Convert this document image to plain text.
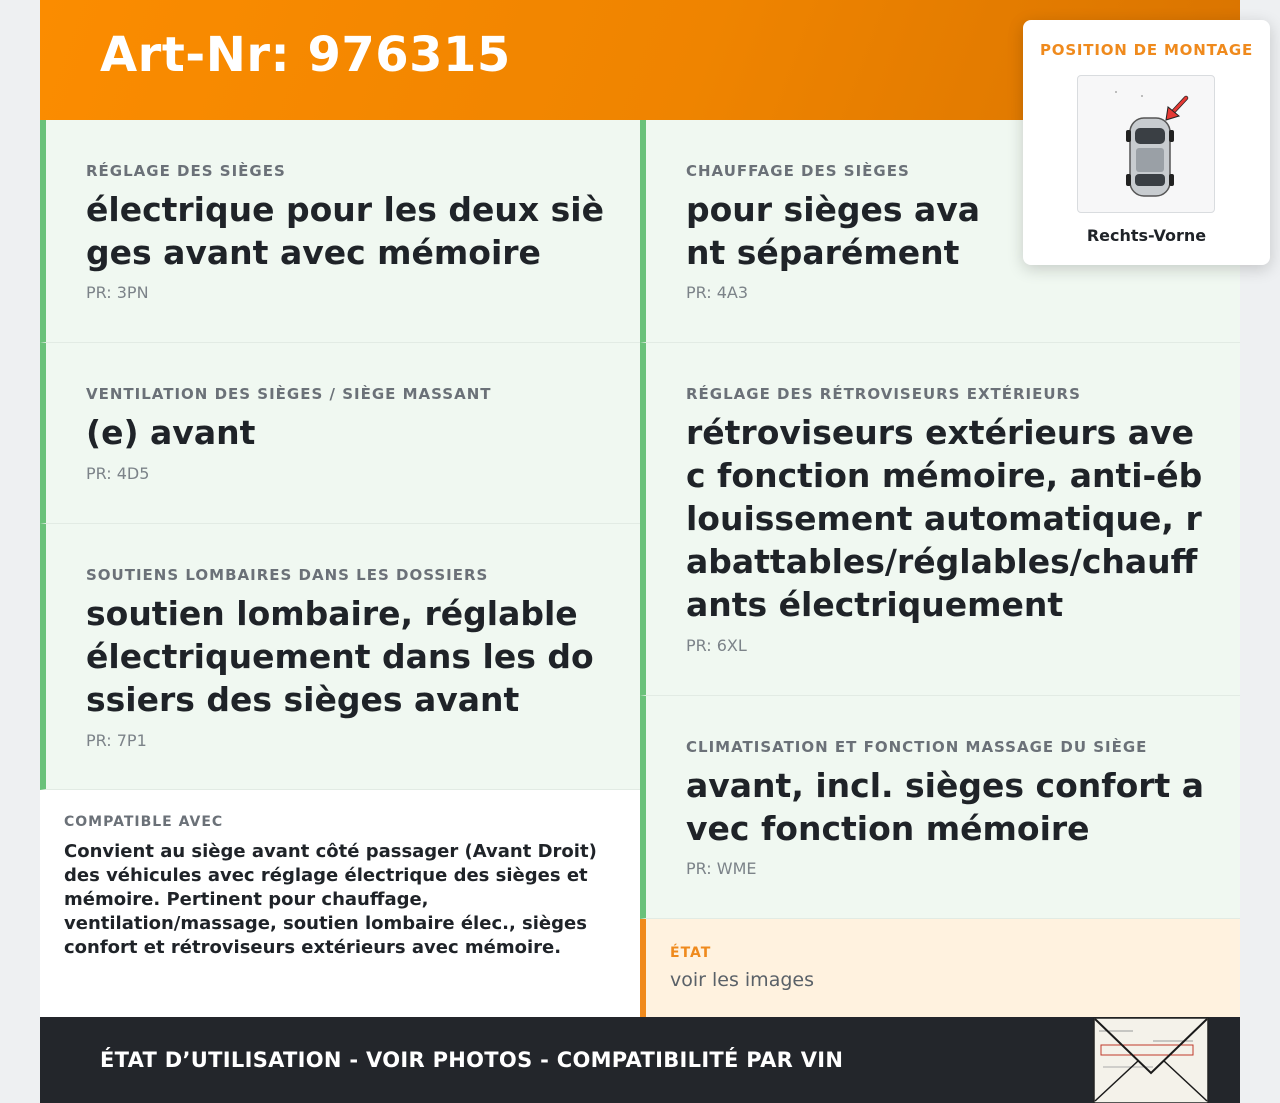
Art-Nr: 976315
RÉGLAGE DES SIÈGES
électrique pour les deux sièges avant avec mémoire
PR: 3PN
VENTILATION DES SIÈGES / SIÈGE MASSANT
(e) avant
PR: 4D5
SOUTIENS LOMBAIRES DANS LES DOSSIERS
soutien lombaire, réglable électriquement dans les dossiers des sièges avant
PR: 7P1
CHAUFFAGE DES SIÈGES
pour sièges avant séparément
PR: 4A3
RÉGLAGE DES RÉTROVISEURS EXTÉRIEURS
rétroviseurs extérieurs avec fonction mémoire, anti-éblouissement automatique, rabattables/réglables/chauffants électriquement
PR: 6XL
CLIMATISATION ET FONCTION MASSAGE DU SIÈGE
avant, incl. sièges confort avec fonction mémoire
PR: WME
COMPATIBLE AVEC
Convient au siège avant côté passager (Avant Droit) des véhicules avec réglage électrique des sièges et mémoire. Pertinent pour chauffage, ventilation/massage, soutien lombaire élec., sièges confort et rétroviseurs extérieurs avec mémoire.	ÉTAT
voir les images
ÉTAT D’UTILISATION - VOIR PHOTOS - COMPATIBILITÉ PAR VIN
POSITION DE MONTAGE
Rechts-Vorne
